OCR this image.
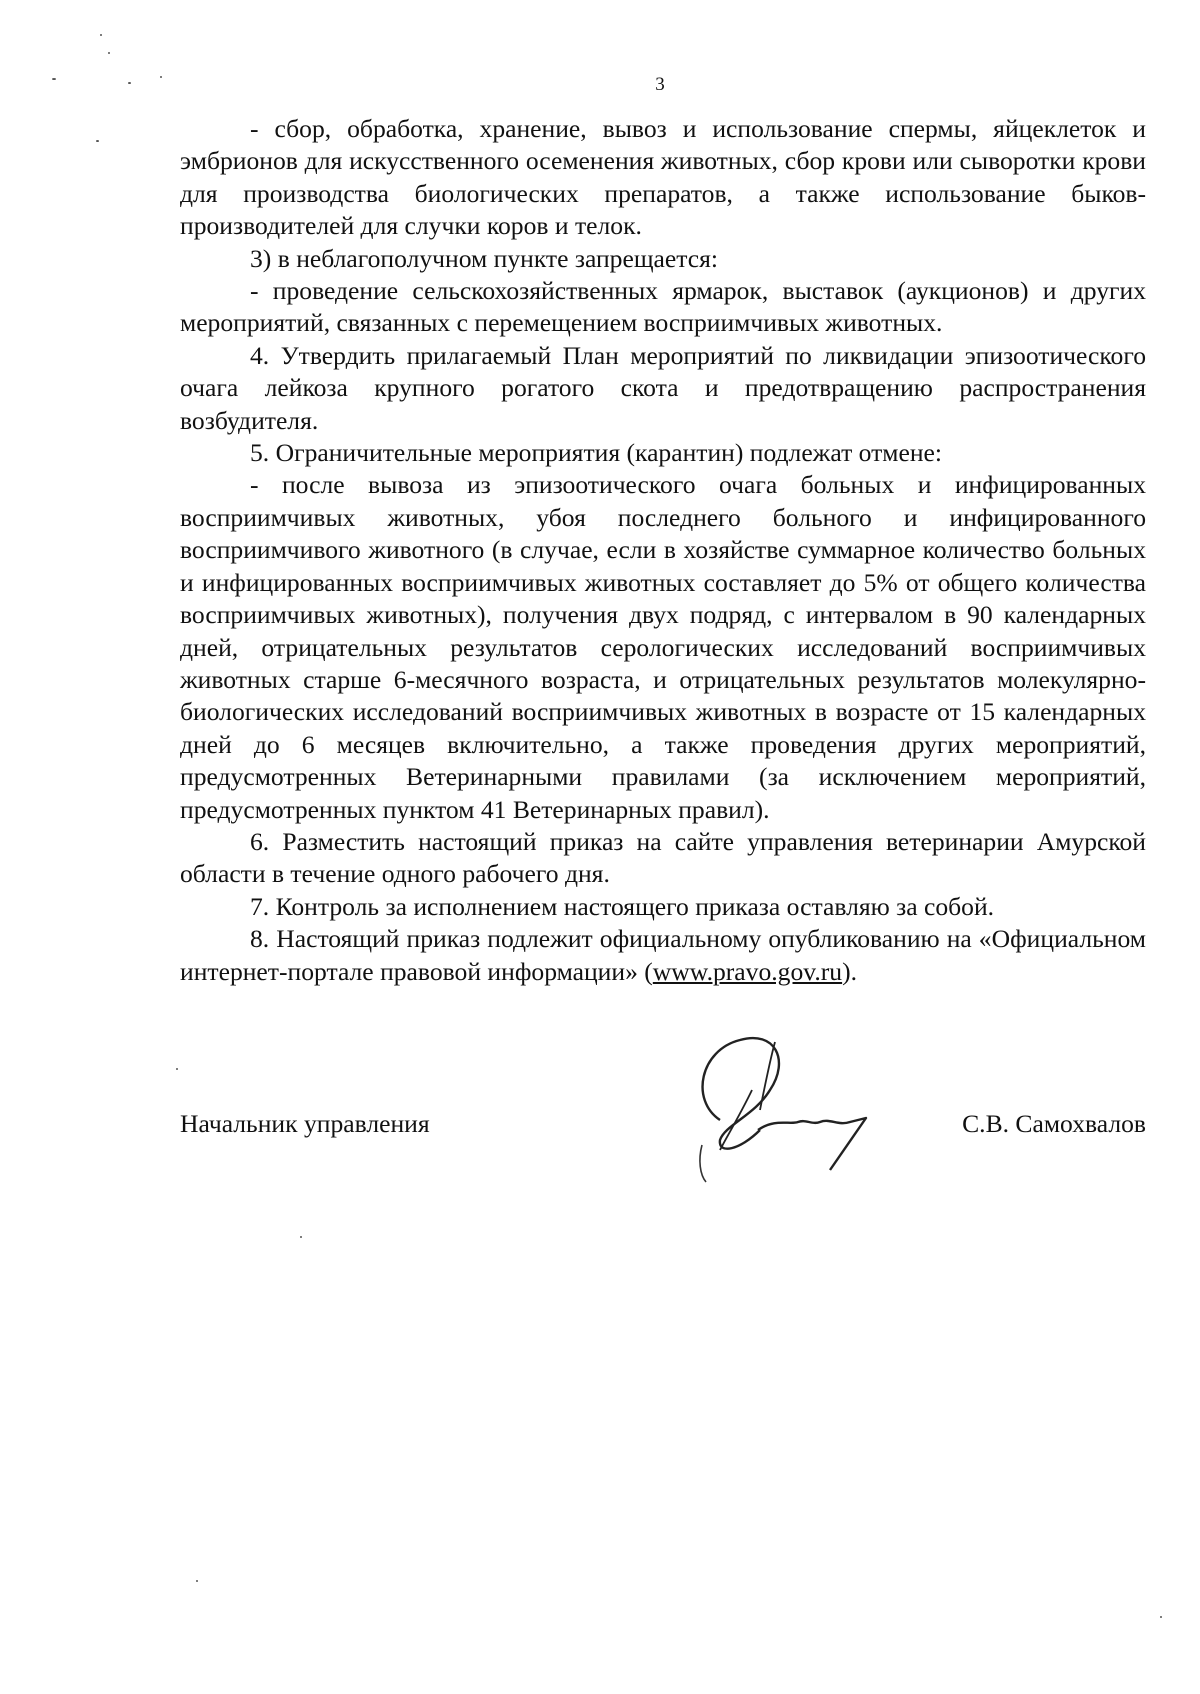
3

- сбор, обработка, хранение, вывоз и использование спермы, яйцеклеток и эмбрионов для искусственного осеменения животных, сбор крови или сыворотки крови для производства биологических препаратов, а также использование быков-производителей для случки коров и телок.

3) в неблагополучном пункте запрещается:

- проведение сельскохозяйственных ярмарок, выставок (аукционов) и других мероприятий, связанных с перемещением восприимчивых животных.

4. Утвердить прилагаемый План мероприятий по ликвидации эпизоотического очага лейкоза крупного рогатого скота и предотвращению распространения возбудителя.

5. Ограничительные мероприятия (карантин) подлежат отмене:

- после вывоза из эпизоотического очага больных и инфицированных восприимчивых животных, убоя последнего больного и инфицированного восприимчивого животного (в случае, если в хозяйстве суммарное количество больных и инфицированных восприимчивых животных составляет до 5% от общего количества восприимчивых животных), получения двух подряд, с интервалом в 90 календарных дней, отрицательных результатов серологических исследований восприимчивых животных старше 6-месячного возраста, и отрицательных результатов молекулярно-биологических исследований восприимчивых животных в возрасте от 15 календарных дней до 6 месяцев включительно, а также проведения других мероприятий, предусмотренных Ветеринарными правилами (за исключением мероприятий, предусмотренных пунктом 41 Ветеринарных правил).

6. Разместить настоящий приказ на сайте управления ветеринарии Амурской области в течение одного рабочего дня.

7. Контроль за исполнением настоящего приказа оставляю за собой.

8. Настоящий приказ подлежит официальному опубликованию на «Официальном интернет-портале правовой информации» (www.pravo.gov.ru).

Начальник управления	С.В. Самохвалов
